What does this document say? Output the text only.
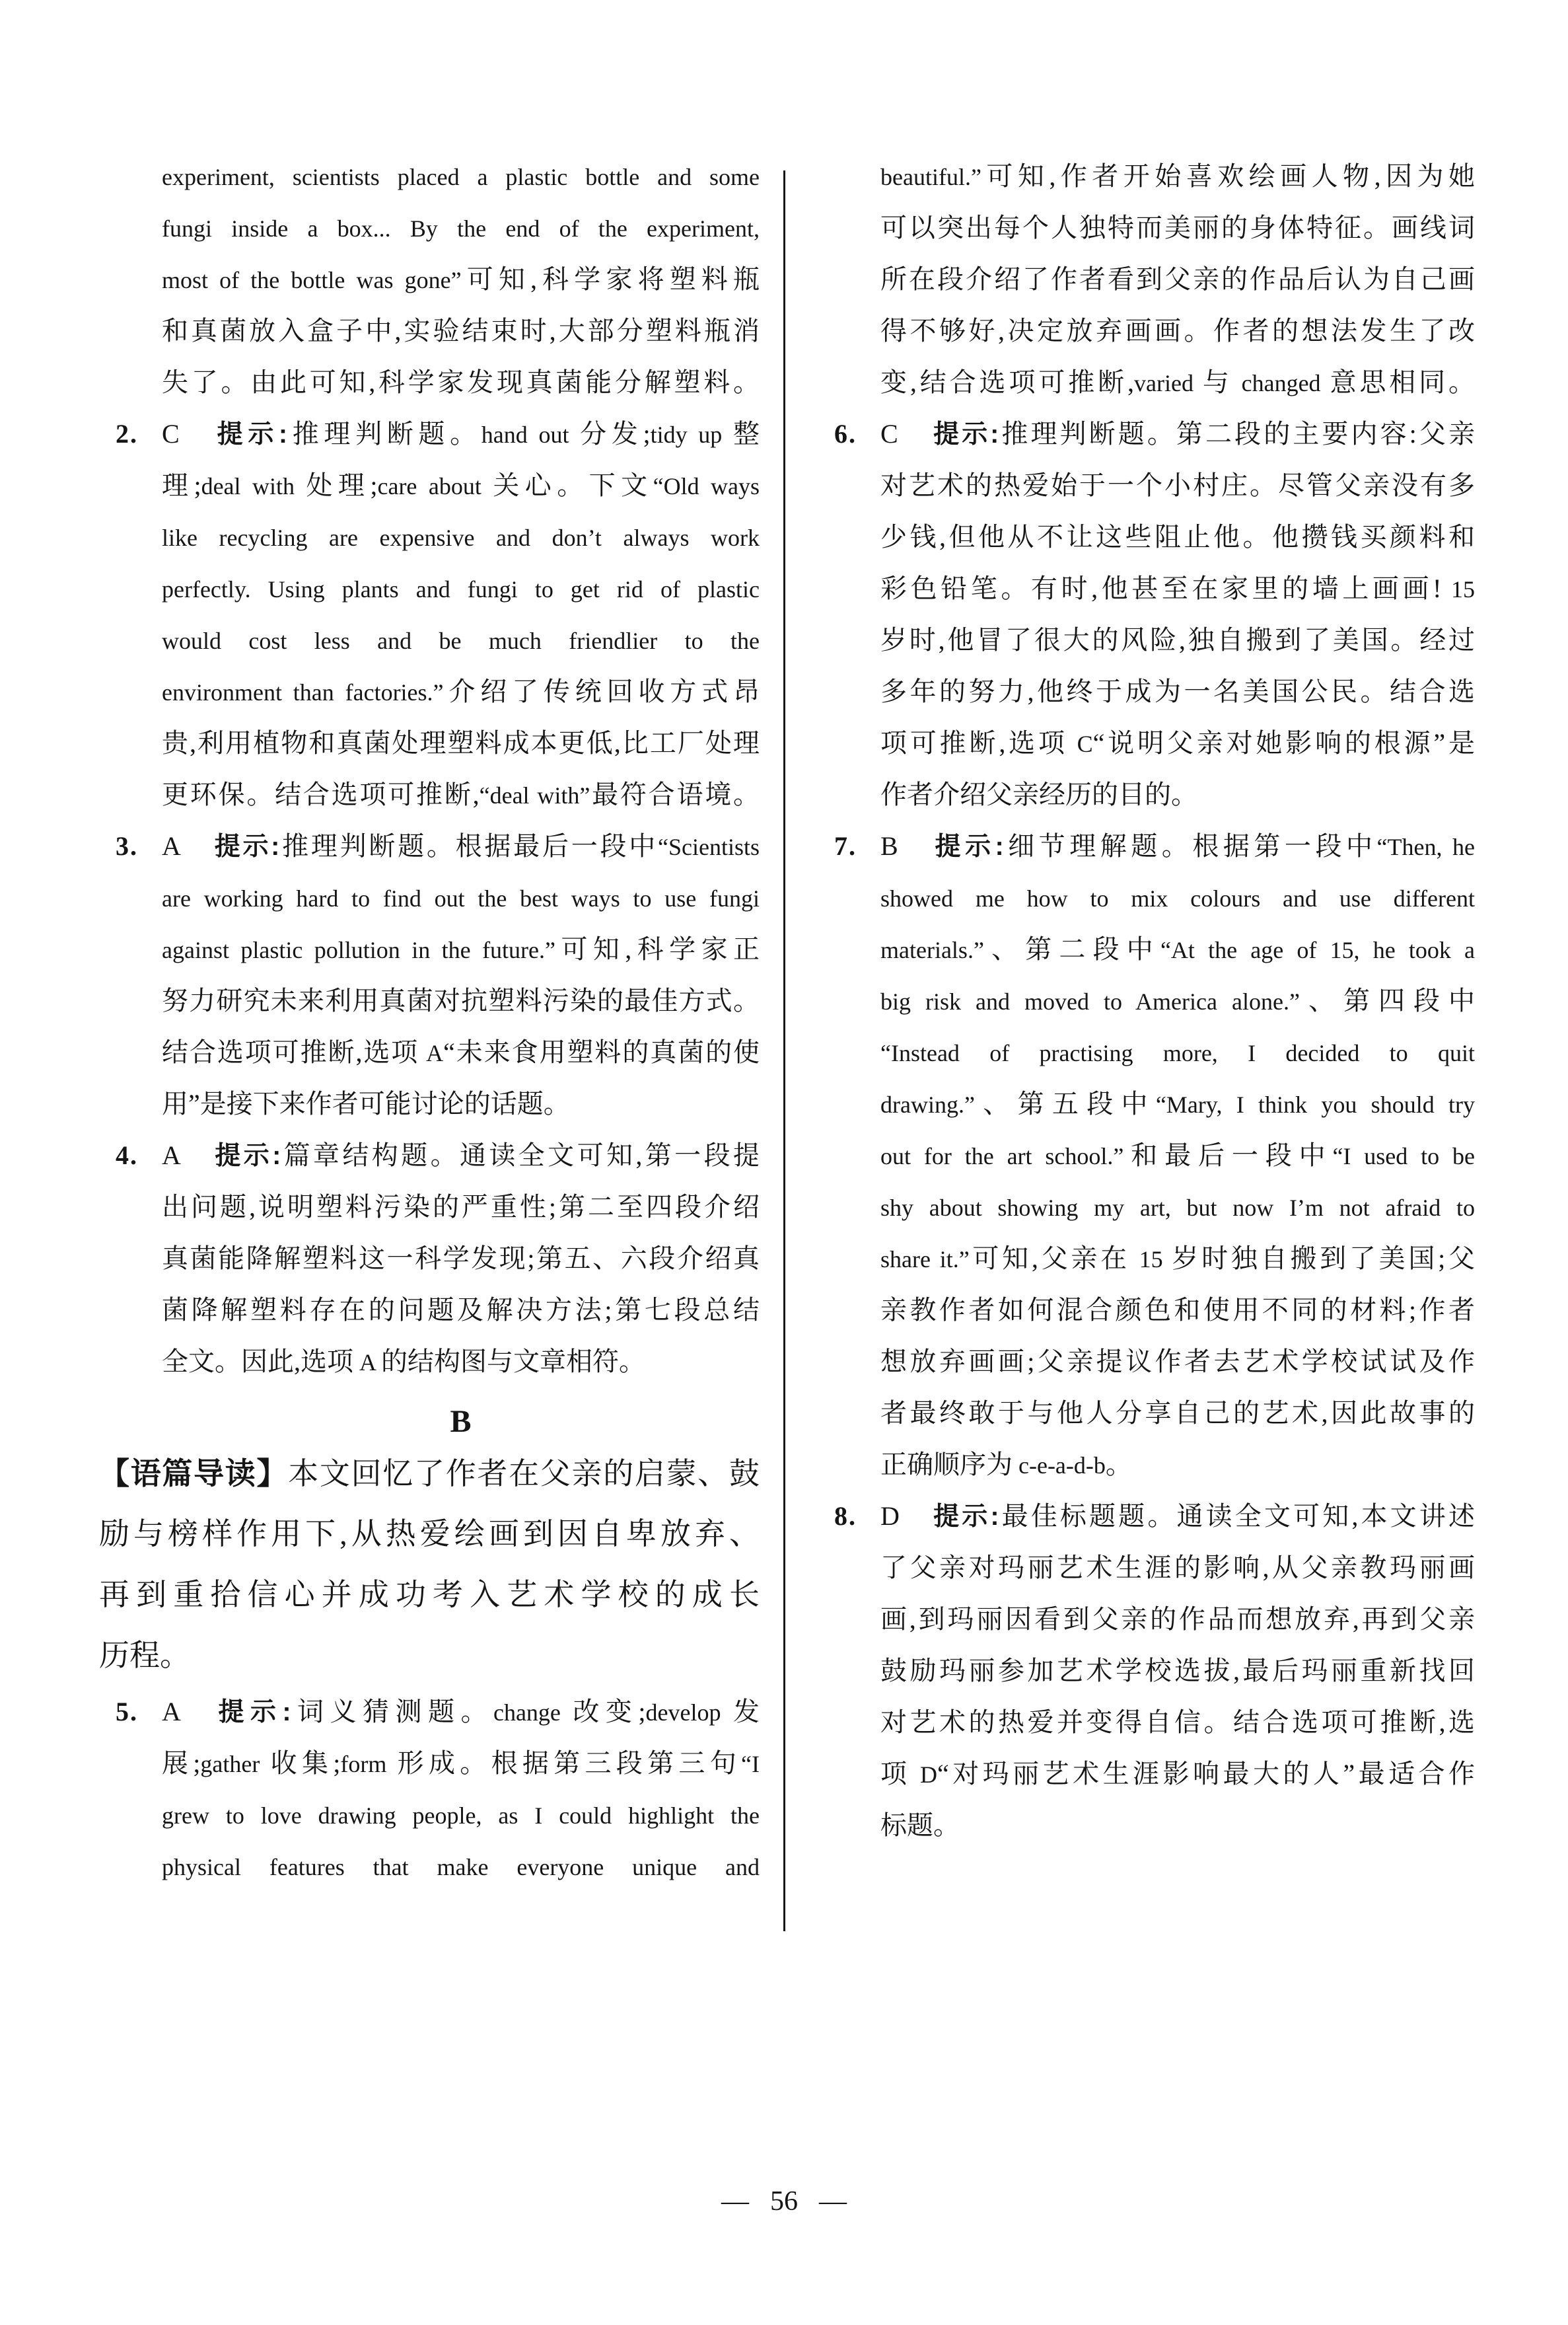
experiment, scientists placed a plastic bottle and some
fungi inside a box... By the end of the experiment,
most of the bottle was gone”可知,科学家将塑料瓶
和真菌放入盒子中,实验结束时,大部分塑料瓶消
失了。由此可知,科学家发现真菌能分解塑料。
2. C 提示:推理判断题。hand out 分发;tidy up 整
理;deal with 处理;care about 关心。下文“Old ways
like recycling are expensive and don’t always work
perfectly. Using plants and fungi to get rid of plastic
would cost less and be much friendlier to the
environment than factories.”介绍了传统回收方式昂
贵,利用植物和真菌处理塑料成本更低,比工厂处理
更环保。结合选项可推断,“deal with”最符合语境。
3. A 提示:推理判断题。根据最后一段中“Scientists
are working hard to find out the best ways to use fungi
against plastic pollution in the future.”可知,科学家正
努力研究未来利用真菌对抗塑料污染的最佳方式。
结合选项可推断,选项 A“未来食用塑料的真菌的使
用”是接下来作者可能讨论的话题。
4. A 提示:篇章结构题。通读全文可知,第一段提
出问题,说明塑料污染的严重性;第二至四段介绍
真菌能降解塑料这一科学发现;第五、六段介绍真
菌降解塑料存在的问题及解决方法;第七段总结
全文。因此,选项 A 的结构图与文章相符。
B
【语篇导读】本文回忆了作者在父亲的启蒙、鼓
励与榜样作用下,从热爱绘画到因自卑放弃、
再到重拾信心并成功考入艺术学校的成长
历程。
5. A 提示:词义猜测题。change 改变;develop 发
展;gather 收集;form 形成。根据第三段第三句“I
grew to love drawing people, as I could highlight the
physical features that make everyone unique and
beautiful.”可知,作者开始喜欢绘画人物,因为她
可以突出每个人独特而美丽的身体特征。画线词
所在段介绍了作者看到父亲的作品后认为自己画
得不够好,决定放弃画画。作者的想法发生了改
变,结合选项可推断,varied 与 changed 意思相同。
6. C 提示:推理判断题。第二段的主要内容:父亲
对艺术的热爱始于一个小村庄。尽管父亲没有多
少钱,但他从不让这些阻止他。他攒钱买颜料和
彩色铅笔。有时,他甚至在家里的墙上画画! 15
岁时,他冒了很大的风险,独自搬到了美国。经过
多年的努力,他终于成为一名美国公民。结合选
项可推断,选项 C“说明父亲对她影响的根源”是
作者介绍父亲经历的目的。
7. B 提示:细节理解题。根据第一段中“Then, he
showed me how to mix colours and use different
materials.”、第二段中“At the age of 15, he took a
big risk and moved to America alone.”、第四段中
“Instead of practising more, I decided to quit
drawing.”、第五段中“Mary, I think you should try
out for the art school.”和最后一段中“I used to be
shy about showing my art, but now I’m not afraid to
share it.”可知,父亲在 15 岁时独自搬到了美国;父
亲教作者如何混合颜色和使用不同的材料;作者
想放弃画画;父亲提议作者去艺术学校试试及作
者最终敢于与他人分享自己的艺术,因此故事的
正确顺序为 c-e-a-d-b。
8. D 提示:最佳标题题。通读全文可知,本文讲述
了父亲对玛丽艺术生涯的影响,从父亲教玛丽画
画,到玛丽因看到父亲的作品而想放弃,再到父亲
鼓励玛丽参加艺术学校选拔,最后玛丽重新找回
对艺术的热爱并变得自信。结合选项可推断,选
项 D“对玛丽艺术生涯影响最大的人”最适合作
标题。
— 56 —
